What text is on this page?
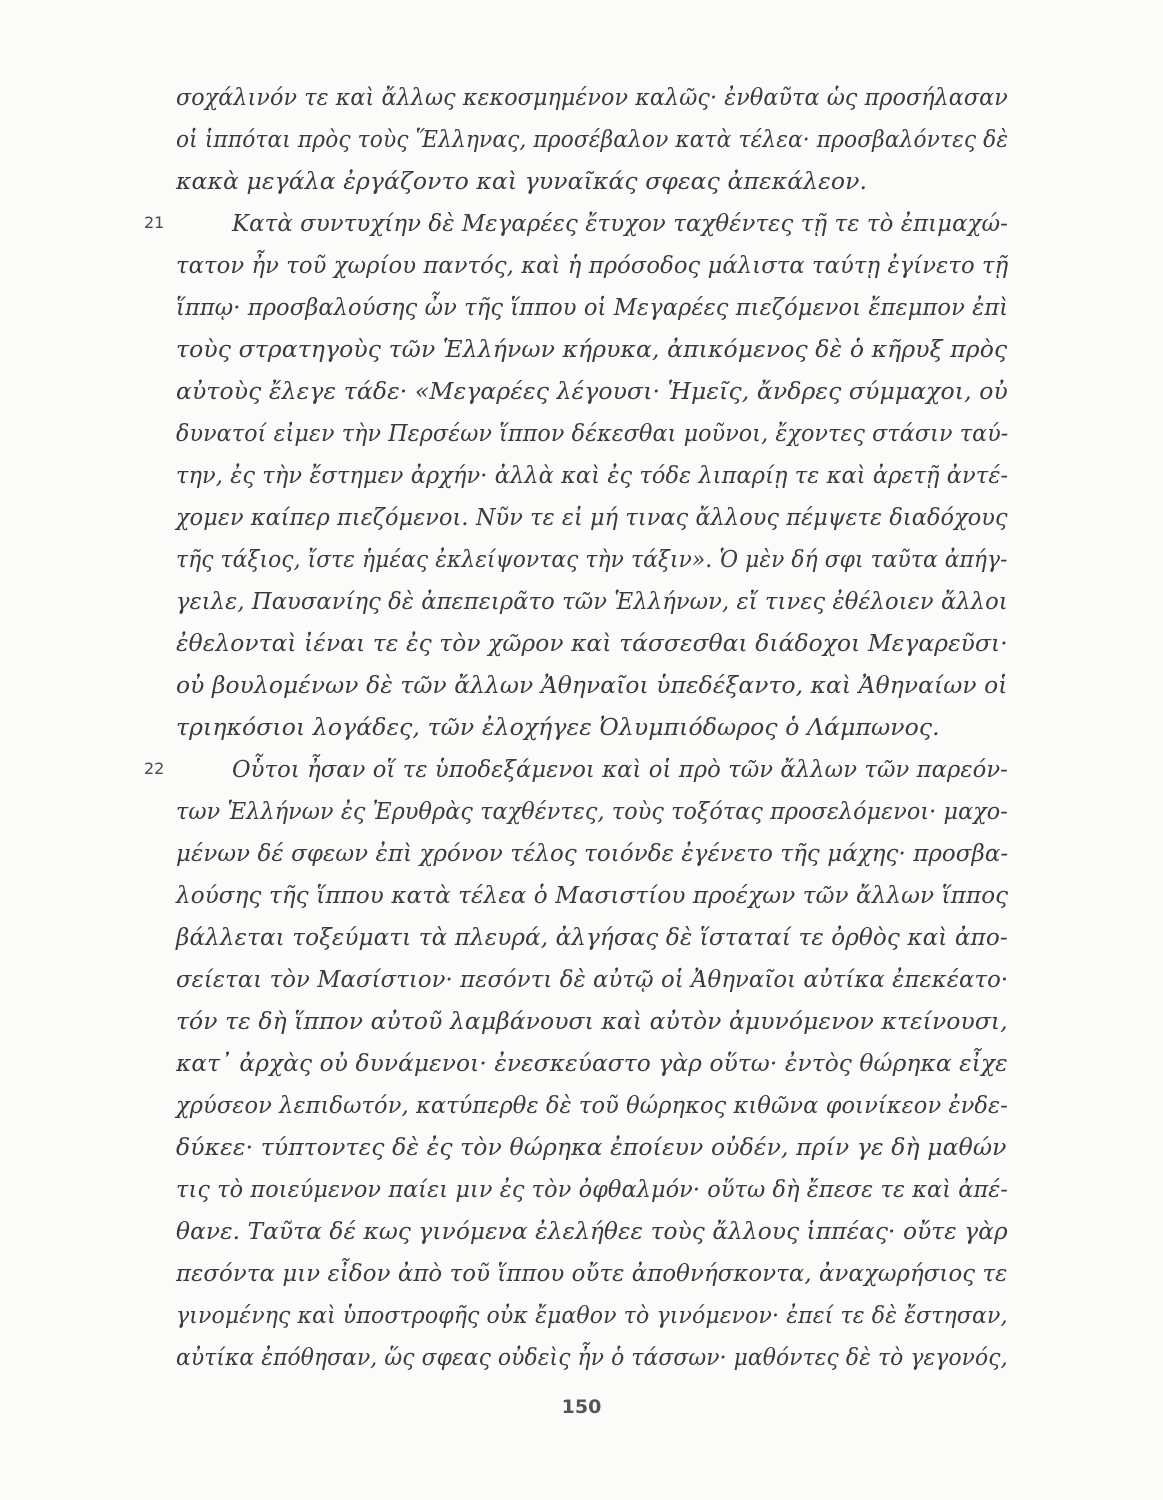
σοχάλινόν τε καὶ ἄλλως κεκοσμημένον καλῶς· ἐνθαῦτα ὡς προσήλασαν
οἱ ἱππόται πρὸς τοὺς Ἕλληνας, προσέβαλον κατὰ τέλεα· προσβαλόντες δὲ
κακὰ μεγάλα ἐργάζοντο καὶ γυναῖκάς σφεας ἀπεκάλεον.
21	Κατὰ συντυχίην δὲ Μεγαρέες ἔτυχον ταχθέντες τῇ τε τὸ ἐπιμαχώ-
τατον ἦν τοῦ χωρίου παντός, καὶ ἡ πρόσοδος μάλιστα ταύτῃ ἐγίνετο τῇ
ἵππῳ· προσβαλούσης ὦν τῆς ἵππου οἱ Μεγαρέες πιεζόμενοι ἔπεμπον ἐπὶ
τοὺς στρατηγοὺς τῶν Ἑλλήνων κήρυκα, ἀπικόμενος δὲ ὁ κῆρυξ πρὸς
αὐτοὺς ἔλεγε τάδε· «Μεγαρέες λέγουσι· Ἡμεῖς, ἄνδρες σύμμαχοι, οὐ
δυνατοί εἰμεν τὴν Περσέων ἵππον δέκεσθαι μοῦνοι, ἔχοντες στάσιν ταύ-
την, ἐς τὴν ἔστημεν ἀρχήν· ἀλλὰ καὶ ἐς τόδε λιπαρίῃ τε καὶ ἀρετῇ ἀντέ-
χομεν καίπερ πιεζόμενοι. Νῦν τε εἰ μή τινας ἄλλους πέμψετε διαδόχους
τῆς τάξιος, ἴστε ἡμέας ἐκλείψοντας τὴν τάξιν». Ὁ μὲν δή σφι ταῦτα ἀπήγ-
γειλε, Παυσανίης δὲ ἀπεπειρᾶτο τῶν Ἑλλήνων, εἴ τινες ἐθέλοιεν ἄλλοι
ἐθελονταὶ ἰέναι τε ἐς τὸν χῶρον καὶ τάσσεσθαι διάδοχοι Μεγαρεῦσι·
οὐ βουλομένων δὲ τῶν ἄλλων Ἀθηναῖοι ὑπεδέξαντο, καὶ Ἀθηναίων οἱ
τριηκόσιοι λογάδες, τῶν ἐλοχήγεε Ὀλυμπιόδωρος ὁ Λάμπωνος.
22	Οὗτοι ἦσαν οἵ τε ὑποδεξάμενοι καὶ οἱ πρὸ τῶν ἄλλων τῶν παρεόν-
των Ἑλλήνων ἐς Ἐρυθρὰς ταχθέντες, τοὺς τοξότας προσελόμενοι· μαχο-
μένων δέ σφεων ἐπὶ χρόνον τέλος τοιόνδε ἐγένετο τῆς μάχης· προσβα-
λούσης τῆς ἵππου κατὰ τέλεα ὁ Μασιστίου προέχων τῶν ἄλλων ἵππος
βάλλεται τοξεύματι τὰ πλευρά, ἀλγήσας δὲ ἵσταταί τε ὀρθὸς καὶ ἀπο-
σείεται τὸν Μασίστιον· πεσόντι δὲ αὐτῷ οἱ Ἀθηναῖοι αὐτίκα ἐπεκέατο·
τόν τε δὴ ἵππον αὐτοῦ λαμβάνουσι καὶ αὐτὸν ἀμυνόμενον κτείνουσι,
κατ᾽ ἀρχὰς οὐ δυνάμενοι· ἐνεσκεύαστο γὰρ οὕτω· ἐντὸς θώρηκα εἶχε
χρύσεον λεπιδωτόν, κατύπερθε δὲ τοῦ θώρηκος κιθῶνα φοινίκεον ἐνδε-
δύκεε· τύπτοντες δὲ ἐς τὸν θώρηκα ἐποίευν οὐδέν, πρίν γε δὴ μαθών
τις τὸ ποιεύμενον παίει μιν ἐς τὸν ὀφθαλμόν· οὕτω δὴ ἔπεσε τε καὶ ἀπέ-
θανε. Ταῦτα δέ κως γινόμενα ἐλελήθεε τοὺς ἄλλους ἱππέας· οὔτε γὰρ
πεσόντα μιν εἶδον ἀπὸ τοῦ ἵππου οὔτε ἀποθνήσκοντα, ἀναχωρήσιος τε
γινομένης καὶ ὑποστροφῆς οὐκ ἔμαθον τὸ γινόμενον· ἐπεί τε δὲ ἔστησαν,
αὐτίκα ἐπόθησαν, ὥς σφεας οὐδεὶς ἦν ὁ τάσσων· μαθόντες δὲ τὸ γεγονός,
150
